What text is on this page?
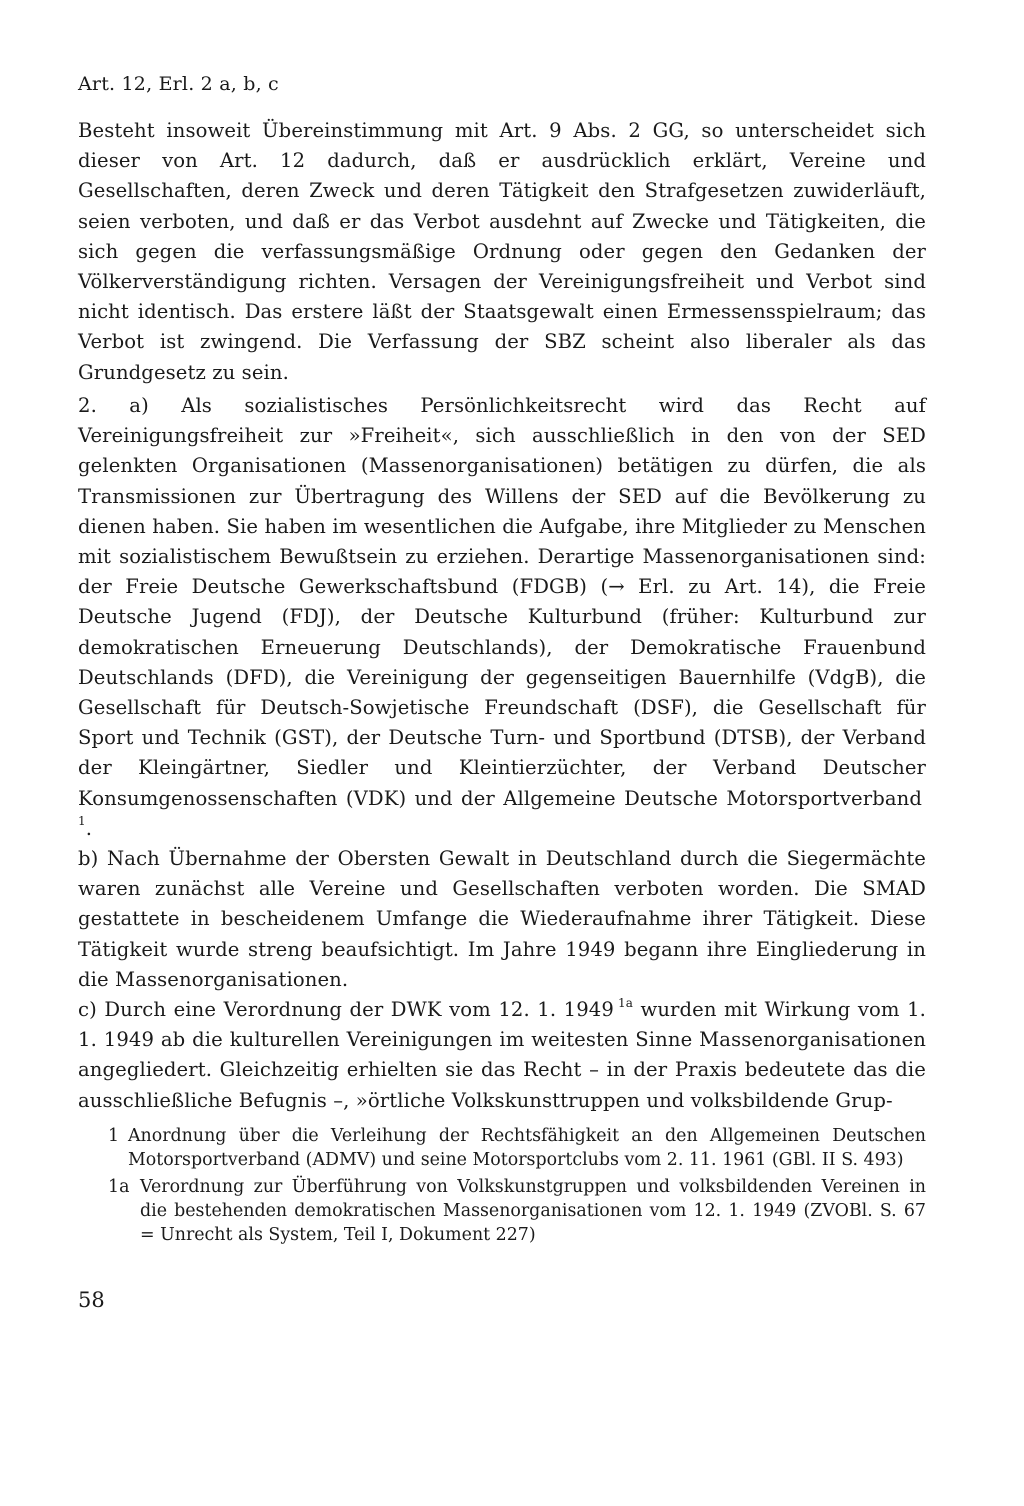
Art. 12, Erl. 2 a, b, c

Besteht insoweit Übereinstimmung mit Art. 9 Abs. 2 GG, so unterscheidet sich dieser von Art. 12 dadurch, daß er ausdrücklich erklärt, Vereine und Gesellschaften, deren Zweck und deren Tätigkeit den Strafgesetzen zuwiderläuft, seien verboten, und daß er das Verbot ausdehnt auf Zwecke und Tätigkeiten, die sich gegen die verfassungsmäßige Ordnung oder gegen den Gedanken der Völkerverständigung richten. Versagen der Vereinigungsfreiheit und Verbot sind nicht identisch. Das erstere läßt der Staatsgewalt einen Ermessensspielraum; das Verbot ist zwingend. Die Verfassung der SBZ scheint also liberaler als das Grundgesetz zu sein.

2. a) Als sozialistisches Persönlichkeitsrecht wird das Recht auf Vereinigungsfreiheit zur »Freiheit«, sich ausschließlich in den von der SED gelenkten Organisationen (Massenorganisationen) betätigen zu dürfen, die als Transmissionen zur Übertragung des Willens der SED auf die Bevölkerung zu dienen haben. Sie haben im wesentlichen die Aufgabe, ihre Mitglieder zu Menschen mit sozialistischem Bewußtsein zu erziehen. Derartige Massenorganisationen sind: der Freie Deutsche Gewerkschaftsbund (FDGB) (→ Erl. zu Art. 14), die Freie Deutsche Jugend (FDJ), der Deutsche Kulturbund (früher: Kulturbund zur demokratischen Erneuerung Deutschlands), der Demokratische Frauenbund Deutschlands (DFD), die Vereinigung der gegenseitigen Bauernhilfe (VdgB), die Gesellschaft für Deutsch-Sowjetische Freundschaft (DSF), die Gesellschaft für Sport und Technik (GST), der Deutsche Turn- und Sportbund (DTSB), der Verband der Kleingärtner, Siedler und Kleintierzüchter, der Verband Deutscher Konsumgenossenschaften (VDK) und der Allgemeine Deutsche Motorsportverband $^1$.

b) Nach Übernahme der Obersten Gewalt in Deutschland durch die Siegermächte waren zunächst alle Vereine und Gesellschaften verboten worden. Die SMAD gestattete in bescheidenem Umfange die Wiederaufnahme ihrer Tätigkeit. Diese Tätigkeit wurde streng beaufsichtigt. Im Jahre 1949 begann ihre Eingliederung in die Massenorganisationen.

c) Durch eine Verordnung der DWK vom 12. 1. 1949  $^{1a}$ wurden mit Wirkung vom 1. 1. 1949 ab die kulturellen Vereinigungen im weitesten Sinne Massenorganisationen angegliedert. Gleichzeitig erhielten sie das Recht – in der Praxis bedeutete das die ausschließliche Befugnis –, »örtliche Volkskunsttruppen und volksbildende Grup-

1 Anordnung über die Verleihung der Rechtsfähigkeit an den Allgemeinen Deutschen Motorsportverband (ADMV) und seine Motorsportclubs vom 2. 11. 1961 (GBl. II S. 493)
1a Verordnung zur Überführung von Volkskunstgruppen und volksbildenden Vereinen in die bestehenden demokratischen Massenorganisationen vom 12. 1. 1949 (ZVOBl. S. 67 = Unrecht als System, Teil I, Dokument 227)
58
